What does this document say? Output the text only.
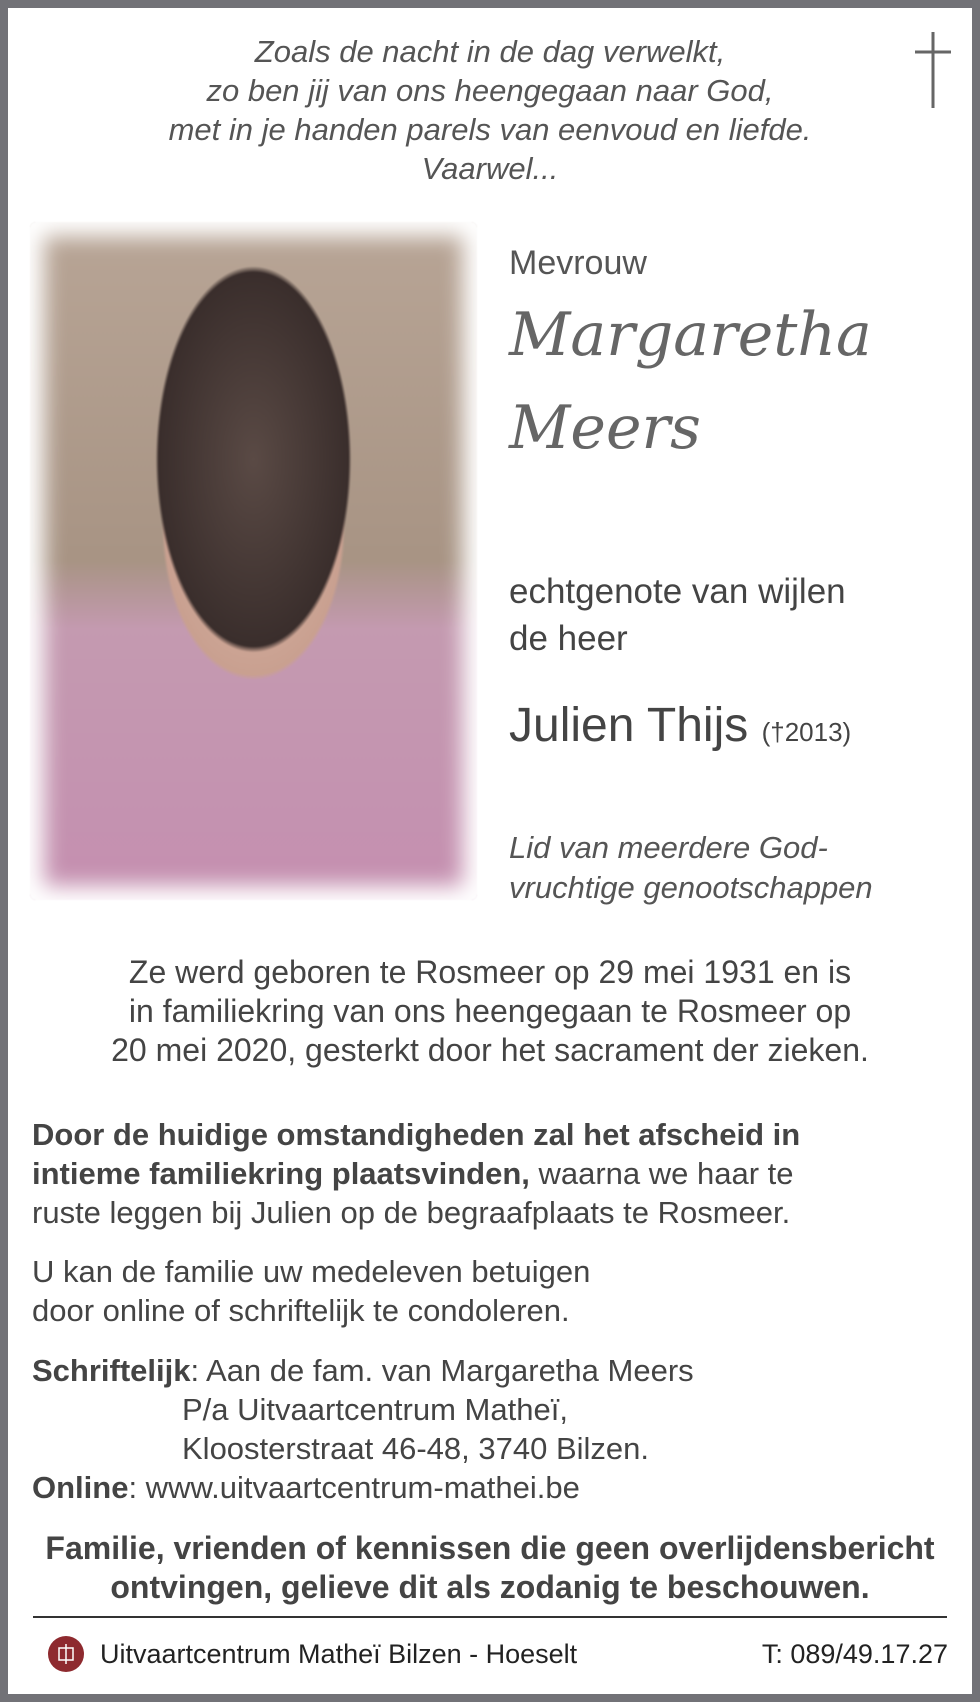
Zoals de nacht in de dag verwelkt,
zo ben jij van ons heengegaan naar God,
met in je handen parels van eenvoud en liefde.
Vaarwel...
Mevrouw
Margaretha
Meers
echtgenote van wijlen
de heer
Julien Thijs (†2013)
Lid van meerdere God-
vruchtige genootschappen
Ze werd geboren te Rosmeer op 29 mei 1931 en is
in familiekring van ons heengegaan te Rosmeer op
20 mei 2020, gesterkt door het sacrament der zieken.
Door de huidige omstandigheden zal het afscheid in
intieme familiekring plaatsvinden, waarna we haar te
ruste leggen bij Julien op de begraafplaats te Rosmeer.
U kan de familie uw medeleven betuigen
door online of schriftelijk te condoleren.
Schriftelijk: Aan de fam. van Margaretha Meers
P/a Uitvaartcentrum Matheï,
Kloosterstraat 46-48, 3740 Bilzen.
Online: www.uitvaartcentrum-mathei.be
Familie, vrienden of kennissen die geen overlijdensbericht
ontvingen, gelieve dit als zodanig te beschouwen.
Uitvaartcentrum Matheï Bilzen - Hoeselt	T: 089/49.17.27
